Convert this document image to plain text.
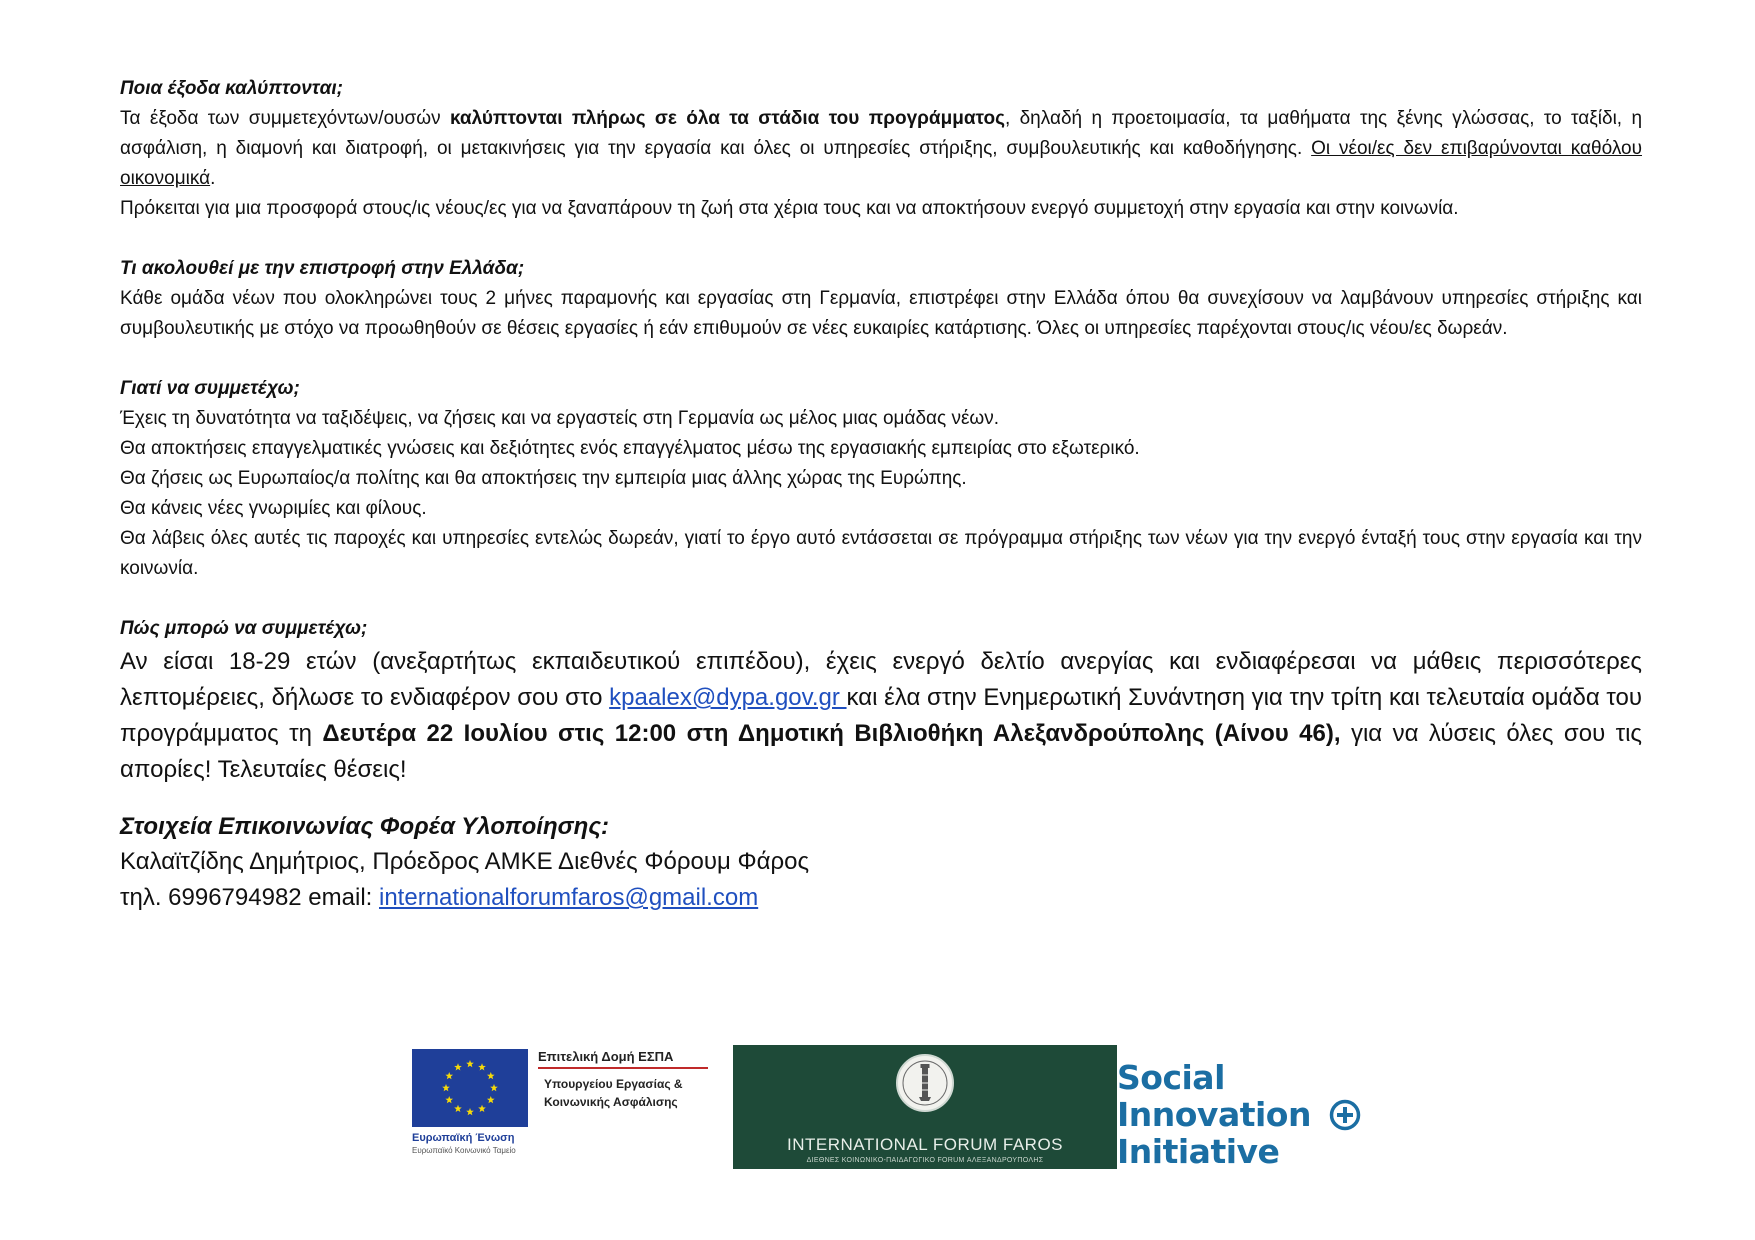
Ποια έξοδα καλύπτονται;

Τα έξοδα των συμμετεχόντων/ουσών καλύπτονται πλήρως σε όλα τα στάδια του προγράμματος, δηλαδή η προετοιμασία, τα μαθήματα της ξένης γλώσσας, το ταξίδι, η ασφάλιση, η διαμονή και διατροφή, οι μετακινήσεις για την εργασία και όλες οι υπηρεσίες στήριξης, συμβουλευτικής και καθοδήγησης. Οι νέοι/ες δεν επιβαρύνονται καθόλου οικονομικά.

Πρόκειται για μια προσφορά στους/ις νέους/ες για να ξαναπάρουν τη ζωή στα χέρια τους και να αποκτήσουν ενεργό συμμετοχή στην εργασία και στην κοινωνία.

Τι ακολουθεί με την επιστροφή στην Ελλάδα;

Κάθε ομάδα νέων που ολοκληρώνει τους 2 μήνες παραμονής και εργασίας στη Γερμανία, επιστρέφει στην Ελλάδα όπου θα συνεχίσουν να λαμβάνουν υπηρεσίες στήριξης και συμβουλευτικής με στόχο να προωθηθούν σε θέσεις εργασίες ή εάν επιθυμούν σε νέες ευκαιρίες κατάρτισης. Όλες οι υπηρεσίες παρέχονται στους/ις νέου/ες δωρεάν.

Γιατί να συμμετέχω;

Έχεις τη δυνατότητα να ταξιδέψεις, να ζήσεις και να εργαστείς στη Γερμανία ως μέλος μιας ομάδας νέων.

Θα αποκτήσεις επαγγελματικές γνώσεις και δεξιότητες ενός επαγγέλματος μέσω της εργασιακής εμπειρίας στο εξωτερικό.

Θα ζήσεις ως Ευρωπαίος/α πολίτης και θα αποκτήσεις την εμπειρία μιας άλλης χώρας της Ευρώπης.

Θα κάνεις νέες γνωριμίες και φίλους.

Θα λάβεις όλες αυτές τις παροχές και υπηρεσίες εντελώς δωρεάν, γιατί το έργο αυτό εντάσσεται σε πρόγραμμα στήριξης των νέων για την ενεργό ένταξή τους στην εργασία και την κοινωνία.

Πώς μπορώ να συμμετέχω;

Αν είσαι 18-29 ετών (ανεξαρτήτως εκπαιδευτικού επιπέδου), έχεις ενεργό δελτίο ανεργίας και ενδιαφέρεσαι να μάθεις περισσότερες λεπτομέρειες, δήλωσε το ενδιαφέρον σου στο kpaalex@dypa.gov.gr και έλα στην Ενημερωτική Συνάντηση για την τρίτη και τελευταία ομάδα του προγράμματος τη Δευτέρα 22 Ιουλίου στις 12:00 στη Δημοτική Βιβλιοθήκη Αλεξανδρούπολης (Αίνου 46), για να λύσεις όλες σου τις απορίες! Τελευταίες θέσεις!

Στοιχεία Επικοινωνίας Φορέα Υλοποίησης:

Καλαϊτζίδης Δημήτριος, Πρόεδρος ΑΜΚΕ Διεθνές Φόρουμ Φάρος

τηλ. 6996794982 email: internationalforumfaros@gmail.com

Επιτελική Δομή ΕΣΠΑ
Υπουργείου Εργασίας &
Κοινωνικής Ασφάλισης
Ευρωπαϊκή Ένωση
Ευρωπαϊκό Κοινωνικό Ταμείο	INTERNATIONAL FORUM FAROS
ΔΙΕΘΝΕΣ ΚΟΙΝΩΝΙΚΟ-ΠΑΙΔΑΓΩΓΙΚΟ FORUM ΑΛΕΞΑΝΔΡΟΥΠΟΛΗΣ
Social
Innovation
Initiative
